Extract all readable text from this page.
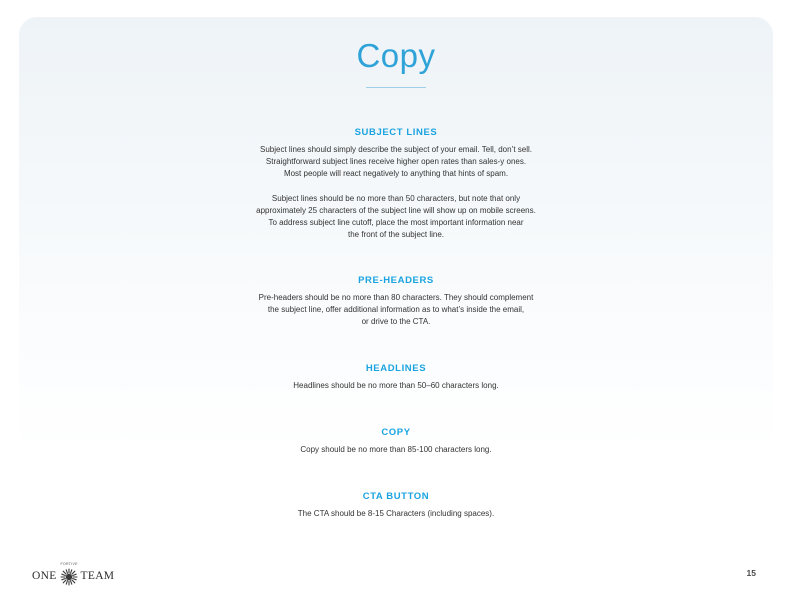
Copy

SUBJECT LINES

Subject lines should simply describe the subject of your email. Tell, don’t sell.
Straightforward subject lines receive higher open rates than sales-y ones.
Most people will react negatively to anything that hints of spam.

Subject lines should be no more than 50 characters, but note that only
approximately 25 characters of the subject line will show up on mobile screens.
To address subject line cutoff, place the most important information near
the front of the subject line.

PRE-HEADERS

Pre-headers should be no more than 80 characters. They should complement
the subject line, offer additional information as to what’s inside the email,
or drive to the CTA.

HEADLINES

Headlines should be no more than 50–60 characters long.

COPY

Copy should be no more than 85-100 characters long.

CTA BUTTON

The CTA should be 8-15 Characters (including spaces).

ONE
FORTIVE
TEAM	15
